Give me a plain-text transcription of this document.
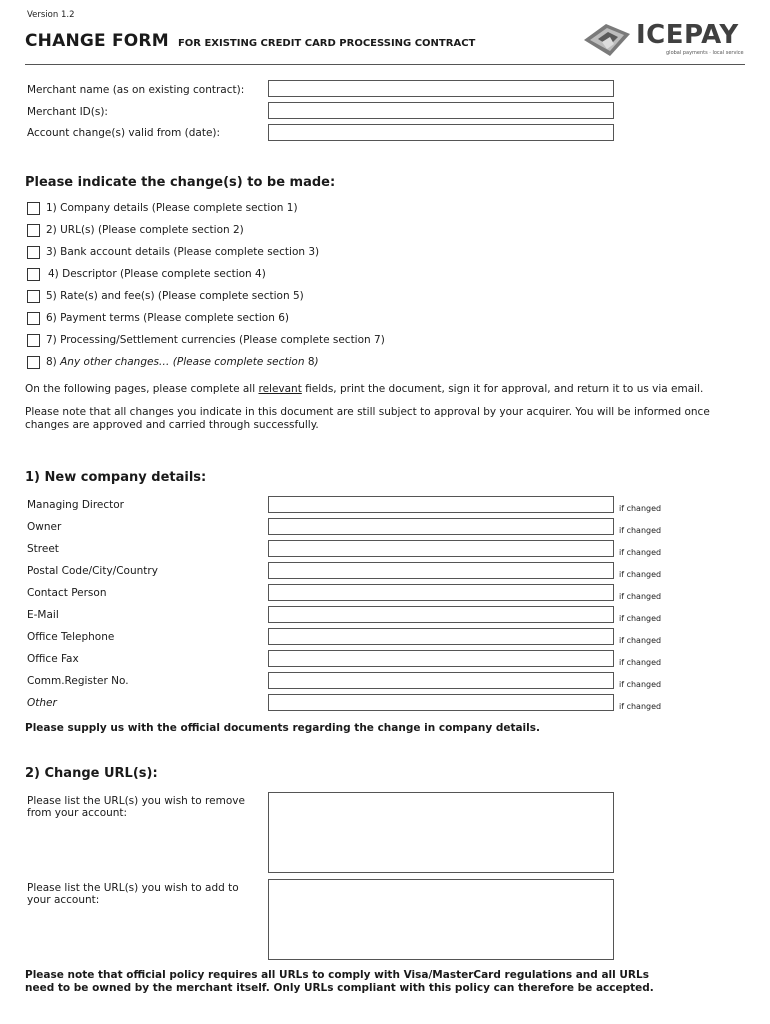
Version 1.2
CHANGE FORM FOR EXISTING CREDIT CARD PROCESSING CONTRACT	ICEPAY
global payments · local service
Merchant name (as on existing contract):
Merchant ID(s):
Account change(s) valid from (date):
Please indicate the change(s) to be made:
1) Company details (Please complete section 1)
2) URL(s) (Please complete section 2)
3) Bank account details (Please complete section 3)
4) Descriptor (Please complete section 4)
5) Rate(s) and fee(s) (Please complete section 5)
6) Payment terms (Please complete section 6)
7) Processing/Settlement currencies (Please complete section 7)
8) Any other changes… (Please complete section 8)
On the following pages, please complete all relevant fields, print the document, sign it for approval, and return it to us via email.
Please note that all changes you indicate in this document are still subject to approval by your acquirer. You will be informed once changes are approved and carried through successfully.
1) New company details:
Managing Director	if changed
Owner	if changed
Street	if changed
Postal Code/City/Country	if changed
Contact Person	if changed
E-Mail	if changed
Office Telephone	if changed
Office Fax	if changed
Comm.Register No.	if changed
Other	if changed
Please supply us with the official documents regarding the change in company details.
2) Change URL(s):
Please list the URL(s) you wish to remove from your account:
Please list the URL(s) you wish to add to your account:
Please note that official policy requires all URLs to comply with Visa/MasterCard regulations and all URLs need to be owned by the merchant itself. Only URLs compliant with this policy can therefore be accepted.
